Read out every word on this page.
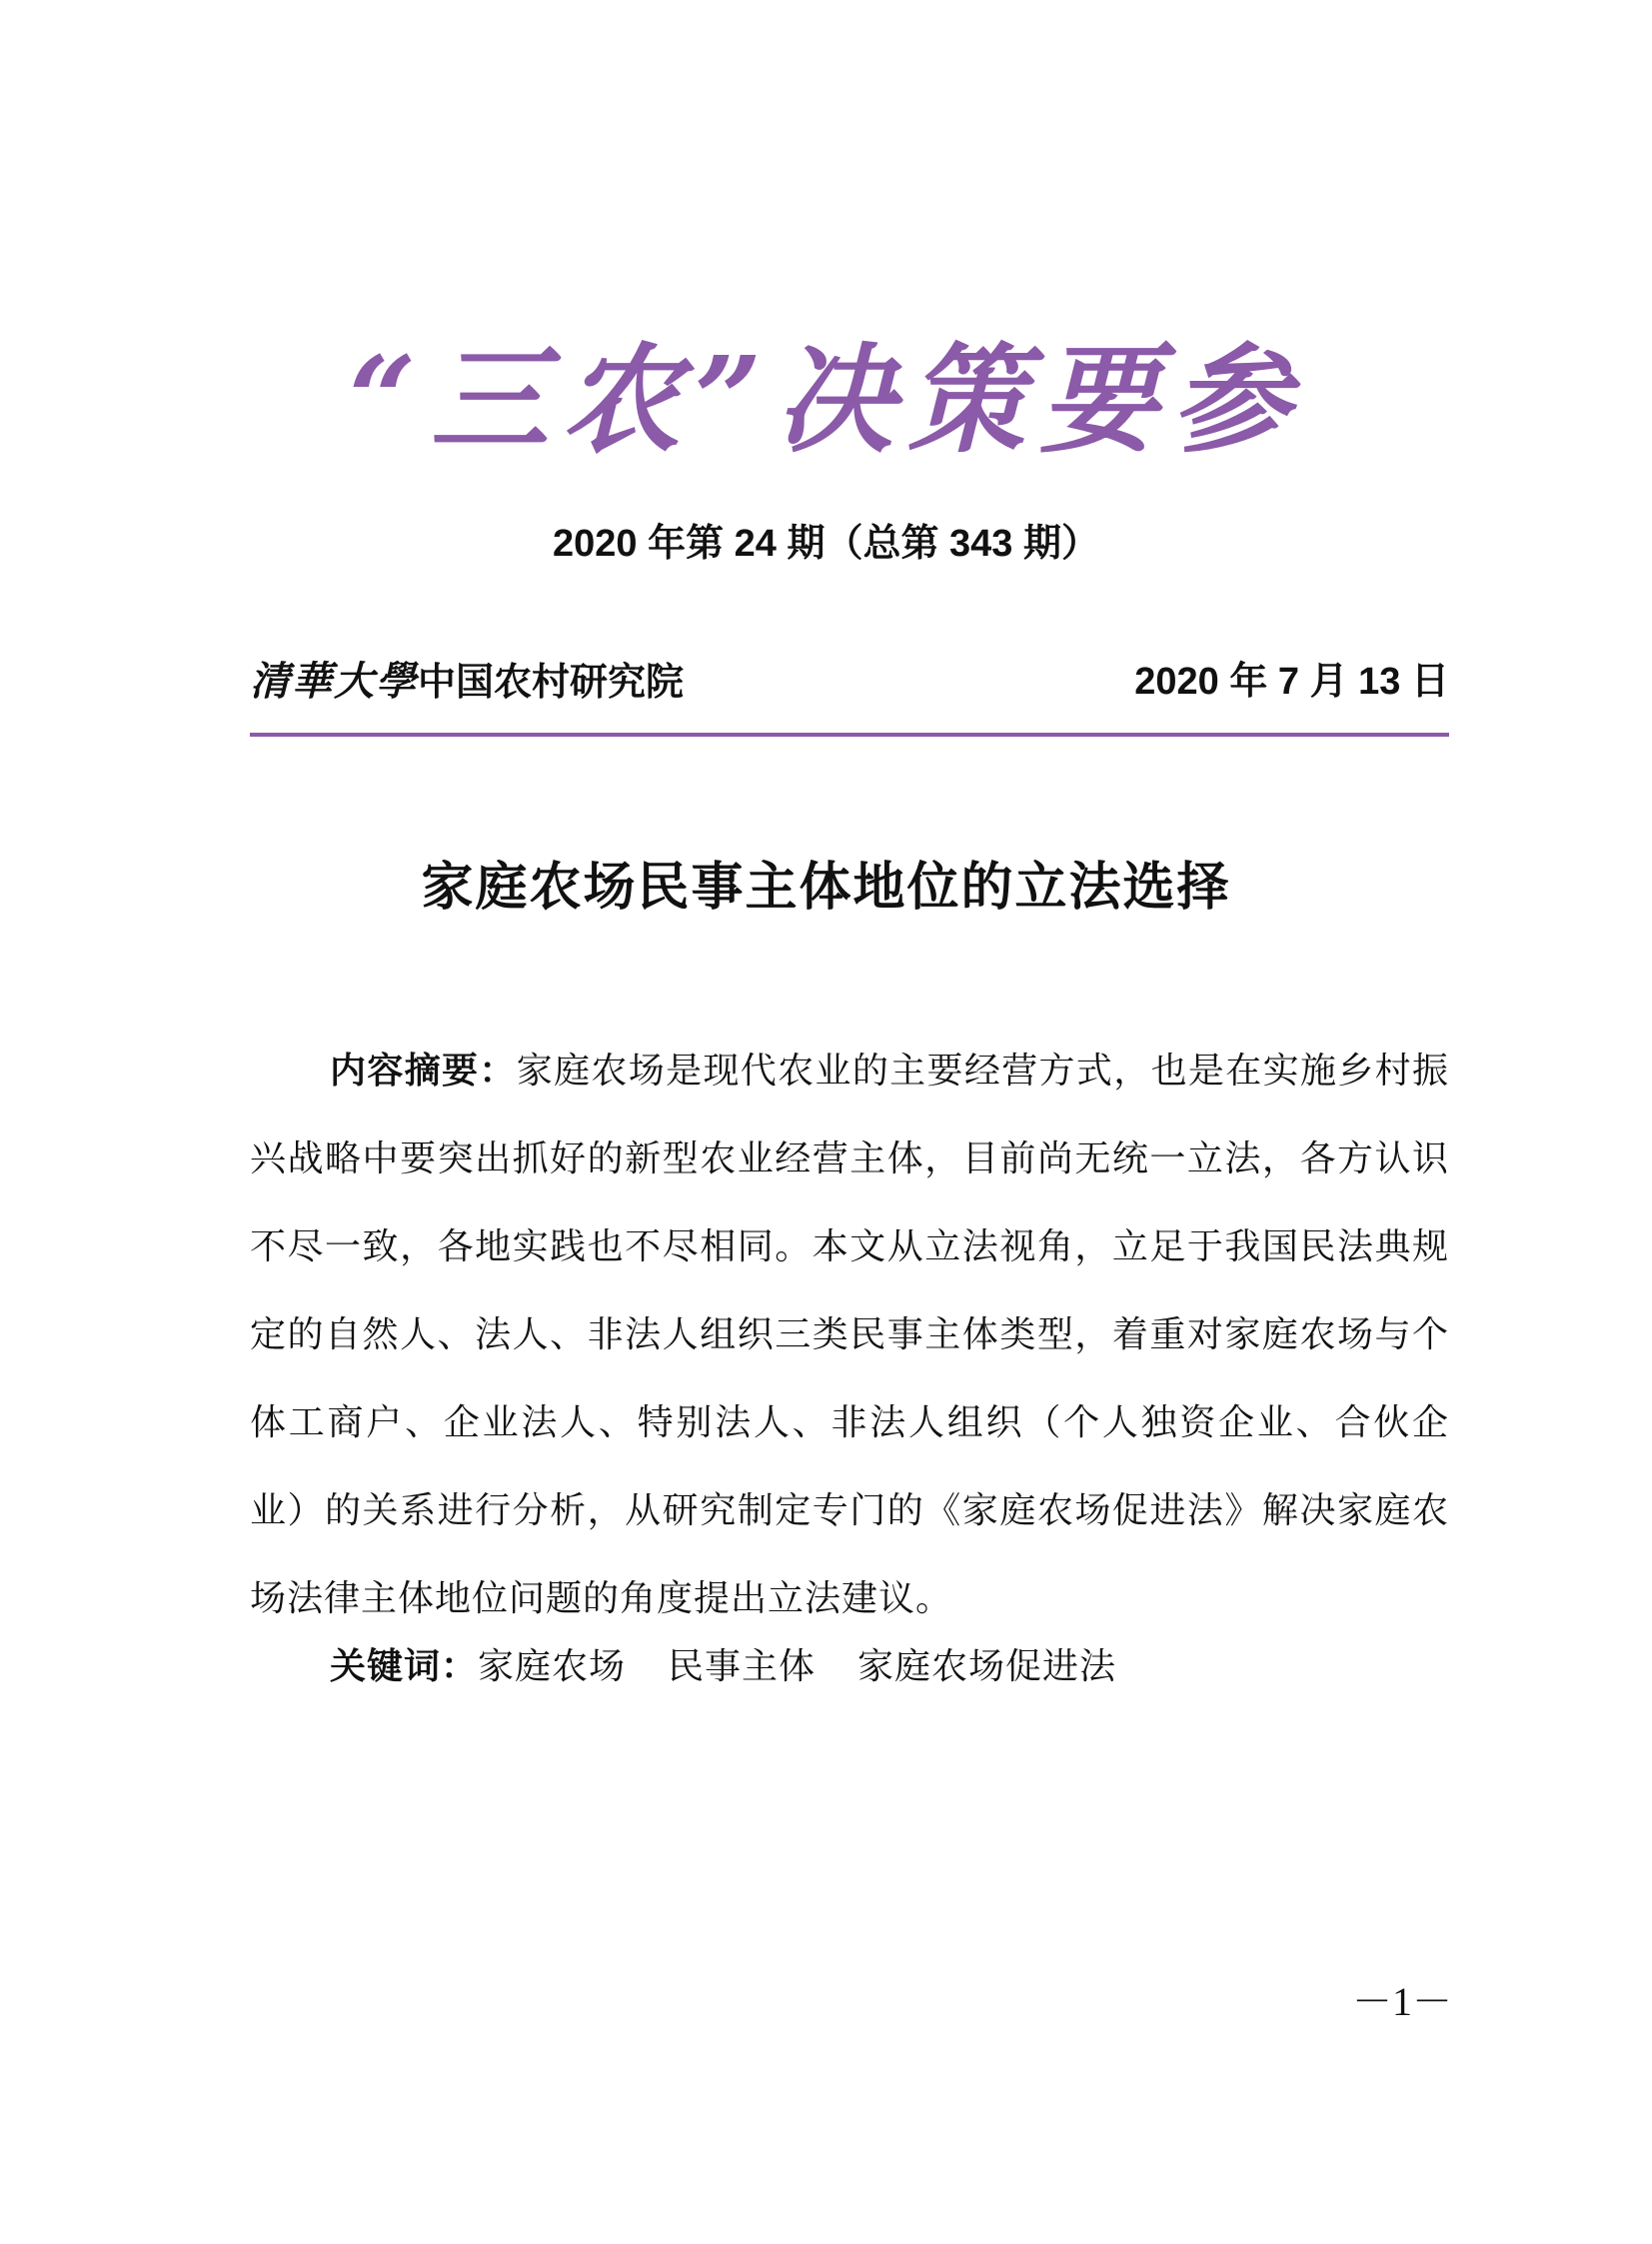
“三农”决策要参
2020 年第 24 期（总第 343 期）
清華大學 中国农村研究院	2020 年 7 月 13 日
家庭农场民事主体地位的立法选择
内容摘要：家庭农场是现代农业的主要经营方式，也是在实施乡村振兴战略中要突出抓好的新型农业经营主体，目前尚无统一立法，各方认识不尽一致，各地实践也不尽相同。本文从立法视角，立足于我国民法典规定的自然人、法人、非法人组织三类民事主体类型，着重对家庭农场与个体工商户、企业法人、特别法人、非法人组织（个人独资企业、合伙企业）的关系进行分析，从研究制定专门的《家庭农场促进法》解决家庭农场法律主体地位问题的角度提出立法建议。
关键词：家庭农场 民事主体 家庭农场促进法
－1－
